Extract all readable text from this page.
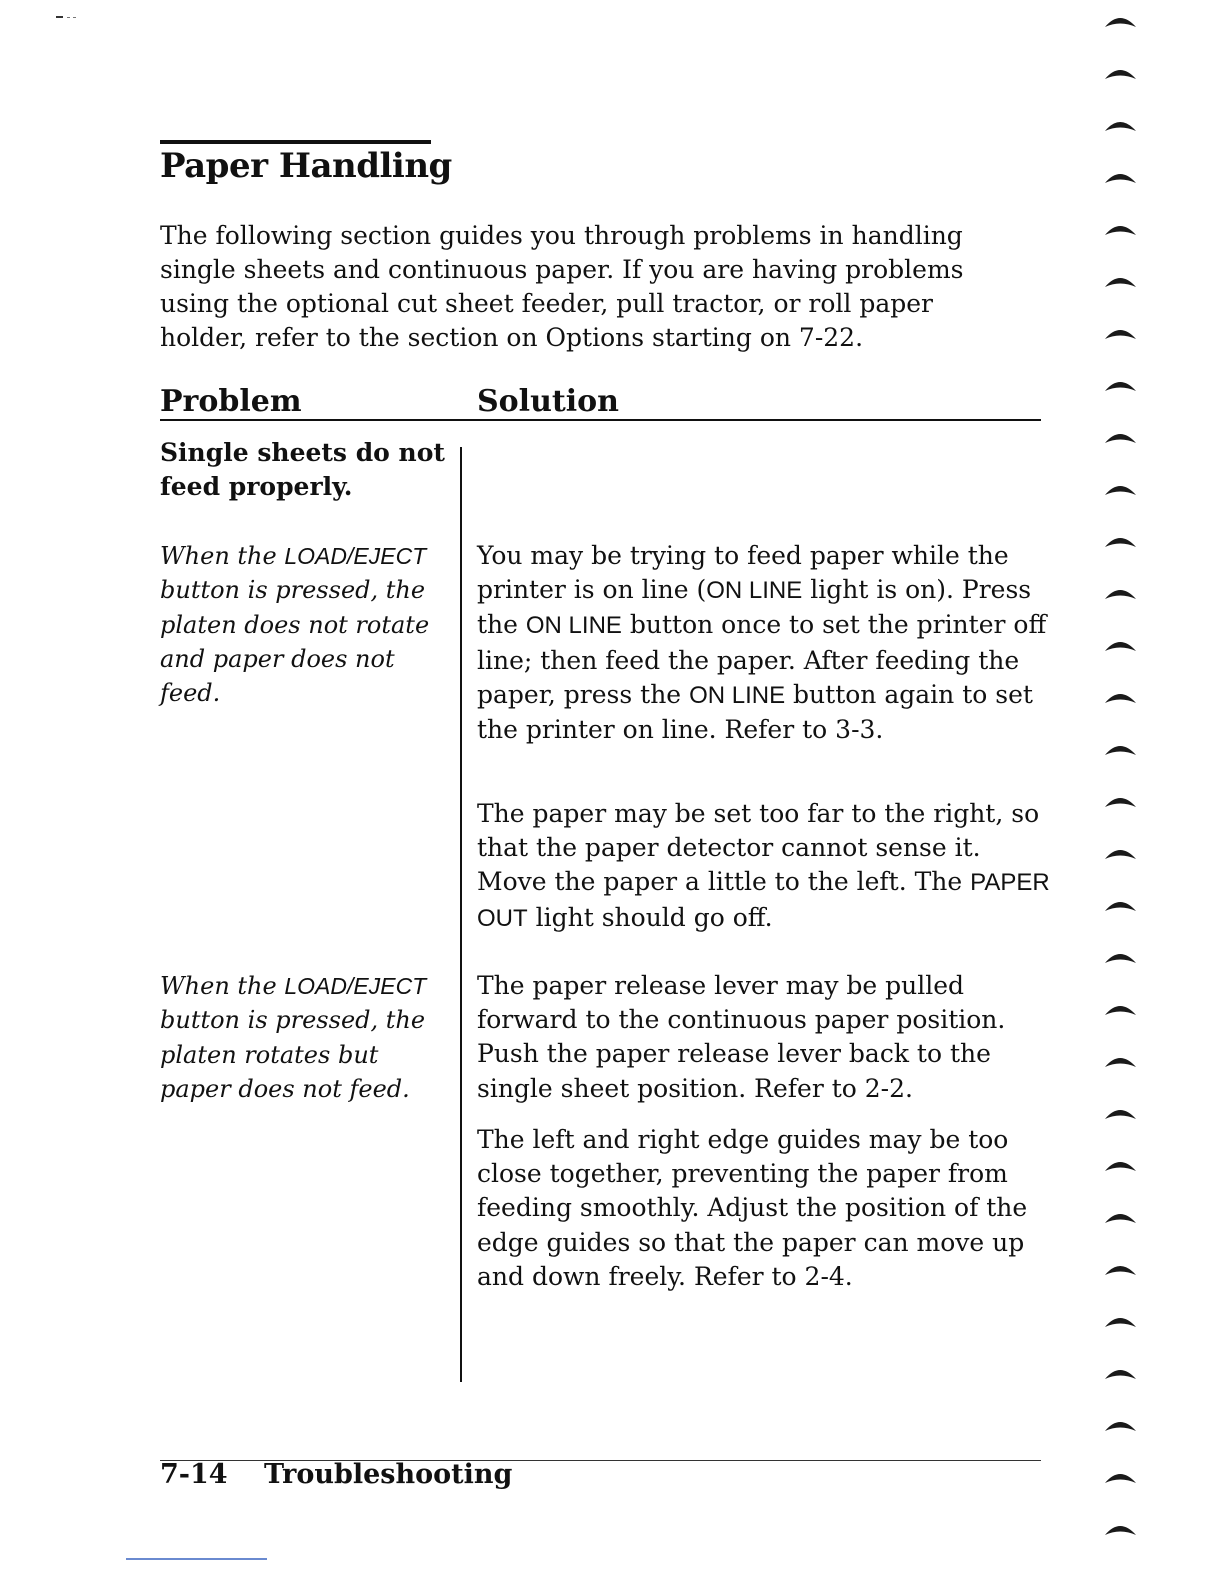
Paper Handling

The following section guides you through problems in handling single sheets and continuous paper. If you are having problems using the optional cut sheet feeder, pull tractor, or roll paper holder, refer to the section on Options starting on 7-22.

Problem	Solution

Single sheets do not feed properly.

When the LOAD/EJECT button is pressed, the platen does not rotate and paper does not feed.

When the LOAD/EJECT button is pressed, the platen rotates but paper does not feed.

You may be trying to feed paper while the printer is on line (ON LINE light is on). Press the ON LINE button once to set the printer off line; then feed the paper. After feeding the paper, press the ON LINE button again to set the printer on line. Refer to 3-3.

The paper may be set too far to the right, so that the paper detector cannot sense it. Move the paper a little to the left. The PAPER OUT light should go off.

The paper release lever may be pulled forward to the continuous paper position. Push the paper release lever back to the single sheet position. Refer to 2-2.

The left and right edge guides may be too close together, preventing the paper from feeding smoothly. Adjust the position of the edge guides so that the paper can move up and down freely. Refer to 2-4.

7-14 Troubleshooting
